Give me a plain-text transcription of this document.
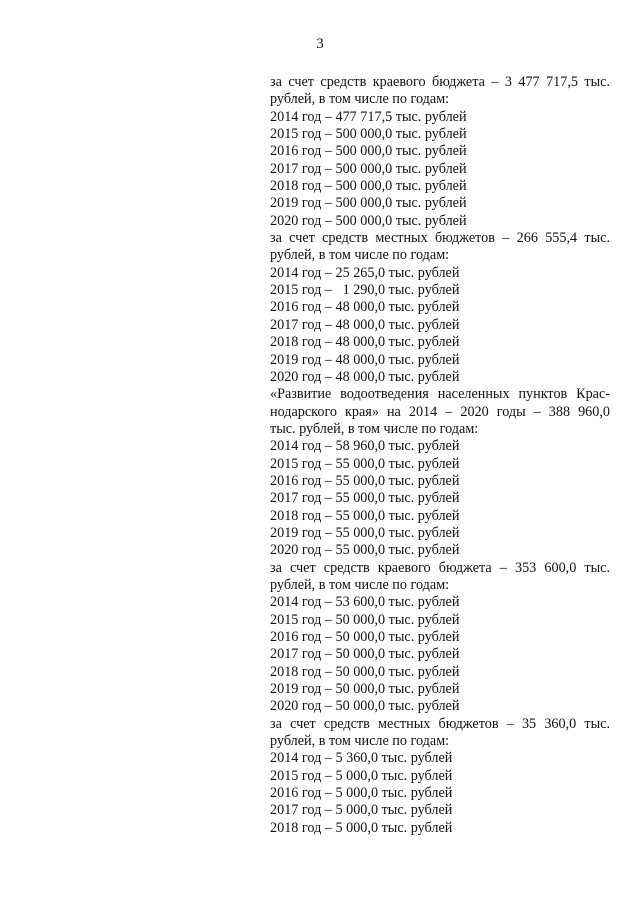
3
за счет средств краевого бюджета – 3 477 717,5 тыс.
рублей, в том числе по годам:
2014 год – 477 717,5 тыс. рублей
2015 год – 500 000,0 тыс. рублей
2016 год – 500 000,0 тыс. рублей
2017 год – 500 000,0 тыс. рублей
2018 год – 500 000,0 тыс. рублей
2019 год – 500 000,0 тыс. рублей
2020 год – 500 000,0 тыс. рублей
за счет средств местных бюджетов – 266 555,4 тыс.
рублей, в том числе по годам:
2014 год – 25 265,0 тыс. рублей
2015 год –   1 290,0 тыс. рублей
2016 год – 48 000,0 тыс. рублей
2017 год – 48 000,0 тыс. рублей
2018 год – 48 000,0 тыс. рублей
2019 год – 48 000,0 тыс. рублей
2020 год – 48 000,0 тыс. рублей
«Развитие водоотведения населенных пунктов Крас-
нодарского края» на 2014 – 2020 годы – 388 960,0
тыс. рублей, в том числе по годам:
2014 год – 58 960,0 тыс. рублей
2015 год – 55 000,0 тыс. рублей
2016 год – 55 000,0 тыс. рублей
2017 год – 55 000,0 тыс. рублей
2018 год – 55 000,0 тыс. рублей
2019 год – 55 000,0 тыс. рублей
2020 год – 55 000,0 тыс. рублей
за счет средств краевого бюджета – 353 600,0 тыс.
рублей, в том числе по годам:
2014 год – 53 600,0 тыс. рублей
2015 год – 50 000,0 тыс. рублей
2016 год – 50 000,0 тыс. рублей
2017 год – 50 000,0 тыс. рублей
2018 год – 50 000,0 тыс. рублей
2019 год – 50 000,0 тыс. рублей
2020 год – 50 000,0 тыс. рублей
за счет средств местных бюджетов – 35 360,0 тыс.
рублей, в том числе по годам:
2014 год – 5 360,0 тыс. рублей
2015 год – 5 000,0 тыс. рублей
2016 год – 5 000,0 тыс. рублей
2017 год – 5 000,0 тыс. рублей
2018 год – 5 000,0 тыс. рублей
